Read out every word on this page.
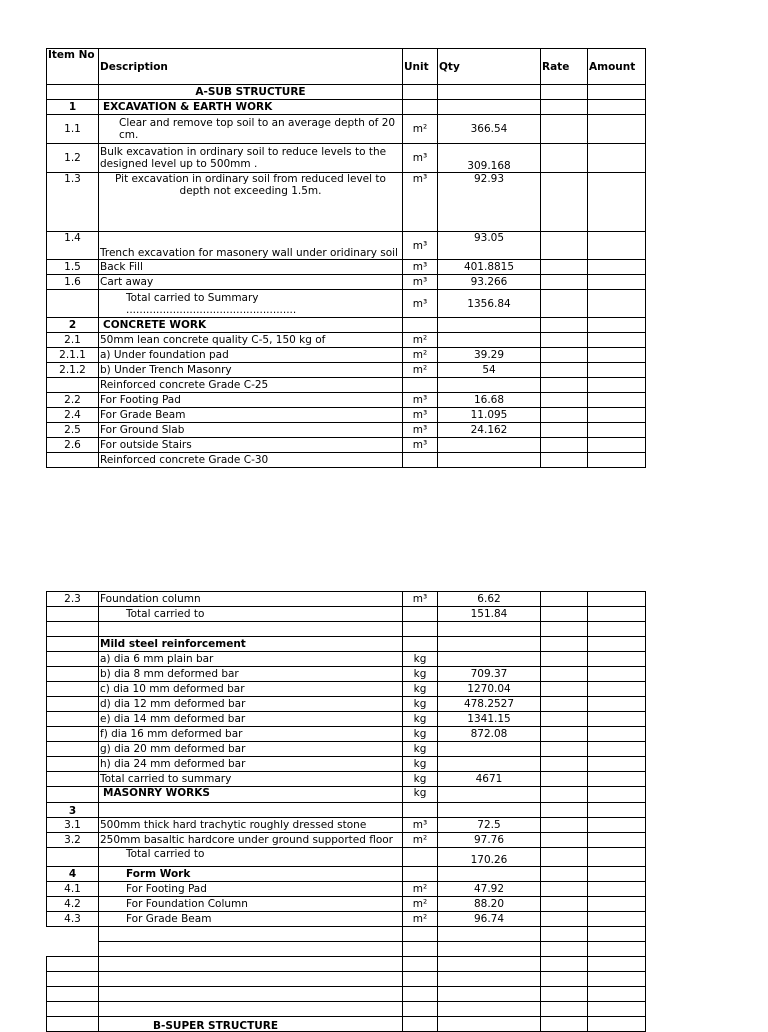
Item No	Description	Unit	Qty	Rate	Amount
	A-SUB STRUCTURE				
1	EXCAVATION & EARTH WORK				
1.1	Clear and remove top soil to an average depth of 20 cm.	m²	366.54		
1.2	Bulk excavation in ordinary soil to reduce levels to the designed level up to 500mm .	m³	309.168		
1.3	Pit excavation in ordinary soil from reduced level to depth not exceeding 1.5m.	m³	92.93		
1.4	Trench excavation for masonery wall under oridinary soil	m³	93.05		
1.5	Back Fill	m³	401.8815		
1.6	Cart away	m³	93.266		
	Total carried to Summary ...................................................	m³	1356.84		
2	CONCRETE WORK				
2.1	50mm lean concrete quality C-5, 150 kg of	m²			
2.1.1	a) Under foundation pad	m²	39.29		
2.1.2	b) Under Trench Masonry	m²	54		
	Reinforced concrete Grade C-25				
2.2	For Footing Pad	m³	16.68		
2.4	For Grade Beam	m³	11.095		
2.5	For Ground Slab	m³	24.162		
2.6	For outside Stairs	m³			
	Reinforced concrete Grade C-30				
2.3	Foundation column	m³	6.62		
	Total carried to		151.84		

	Mild steel reinforcement				
	a) dia 6 mm plain bar	kg			
	b) dia 8 mm deformed bar	kg	709.37		
	c) dia 10 mm deformed bar	kg	1270.04		
	d) dia 12 mm deformed bar	kg	478.2527		
	e) dia 14 mm deformed bar	kg	1341.15		
	f) dia 16 mm deformed bar	kg	872.08		
	g) dia 20 mm deformed bar	kg			
	h) dia 24 mm deformed bar	kg			
	Total carried to summary	kg	4671		
	MASONRY WORKS	kg			
3					
3.1	500mm thick hard trachytic roughly dressed stone	m³	72.5		
3.2	250mm basaltic hardcore under ground supported floor	m²	97.76		
	Total carried to		170.26		
4	Form Work				
4.1	For Footing Pad	m²	47.92		
4.2	For Foundation Column	m²	88.20		
4.3	For Grade Beam	m²	96.74		

	B-SUPER STRUCTURE				
